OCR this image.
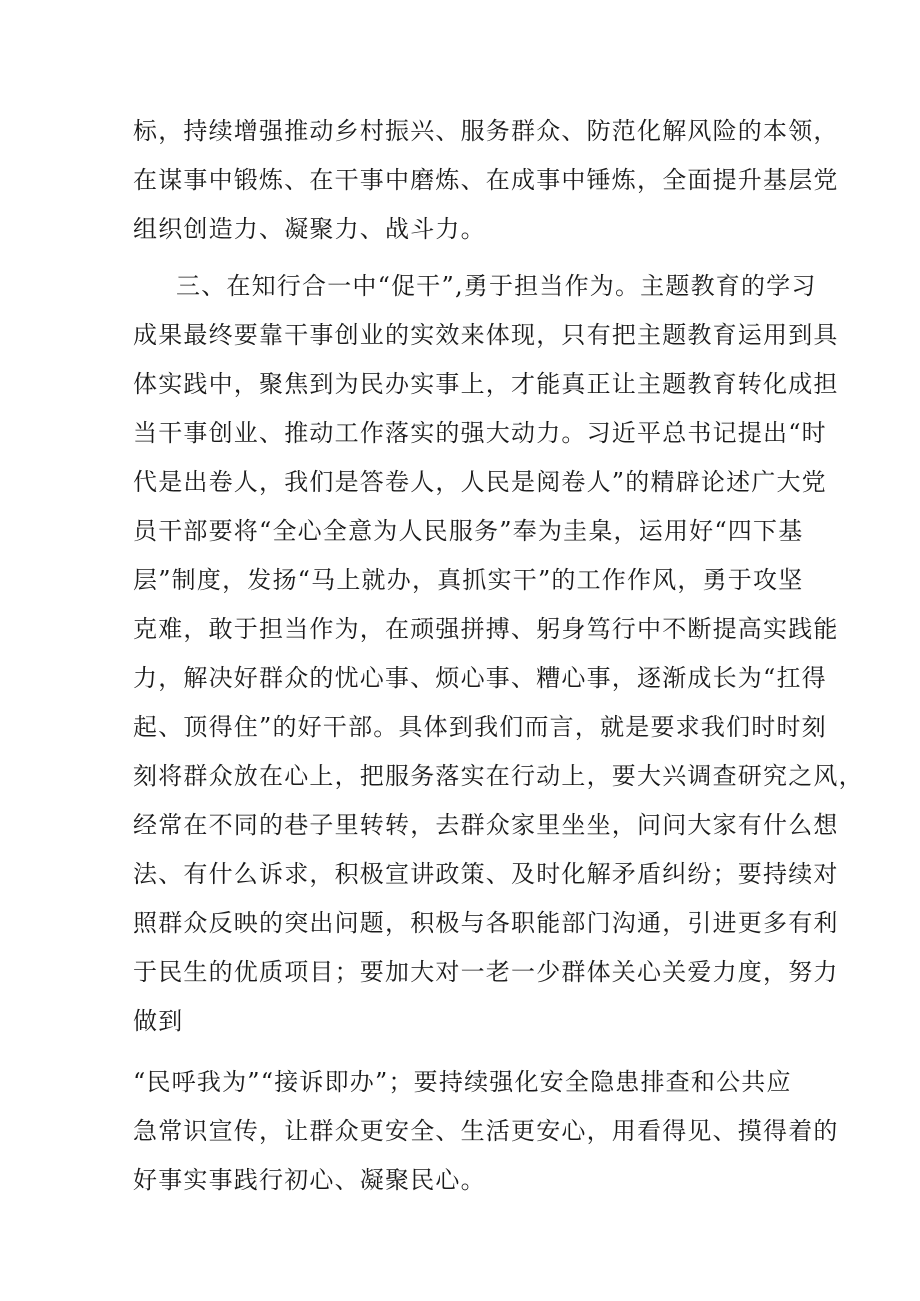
标，持续增强推动乡村振兴、服务群众、防范化解风险的本领，
在谋事中锻炼、在干事中磨炼、在成事中锤炼，全面提升基层党
组织创造力、凝聚力、战斗力。
三、在知行合一中“促干”,勇于担当作为。主题教育的学习
成果最终要靠干事创业的实效来体现，只有把主题教育运用到具
体实践中，聚焦到为民办实事上，才能真正让主题教育转化成担
当干事创业、推动工作落实的强大动力。习近平总书记提出“时
代是出卷人，我们是答卷人，人民是阅卷人”的精辟论述广大党
员干部要将“全心全意为人民服务”奉为圭臬，运用好“四下基
层”制度，发扬“马上就办，真抓实干”的工作作风，勇于攻坚
克难，敢于担当作为，在顽强拼搏、躬身笃行中不断提高实践能
力，解决好群众的忧心事、烦心事、糟心事，逐渐成长为“扛得
起、顶得住”的好干部。具体到我们而言，就是要求我们时时刻
刻将群众放在心上，把服务落实在行动上，要大兴调查研究之风，
经常在不同的巷子里转转，去群众家里坐坐，问问大家有什么想
法、有什么诉求，积极宣讲政策、及时化解矛盾纠纷；要持续对
照群众反映的突出问题，积极与各职能部门沟通，引进更多有利
于民生的优质项目；要加大对一老一少群体关心关爱力度，努力
做到
“民呼我为”“接诉即办”；要持续强化安全隐患排查和公共应
急常识宣传，让群众更安全、生活更安心，用看得见、摸得着的
好事实事践行初心、凝聚民心。
